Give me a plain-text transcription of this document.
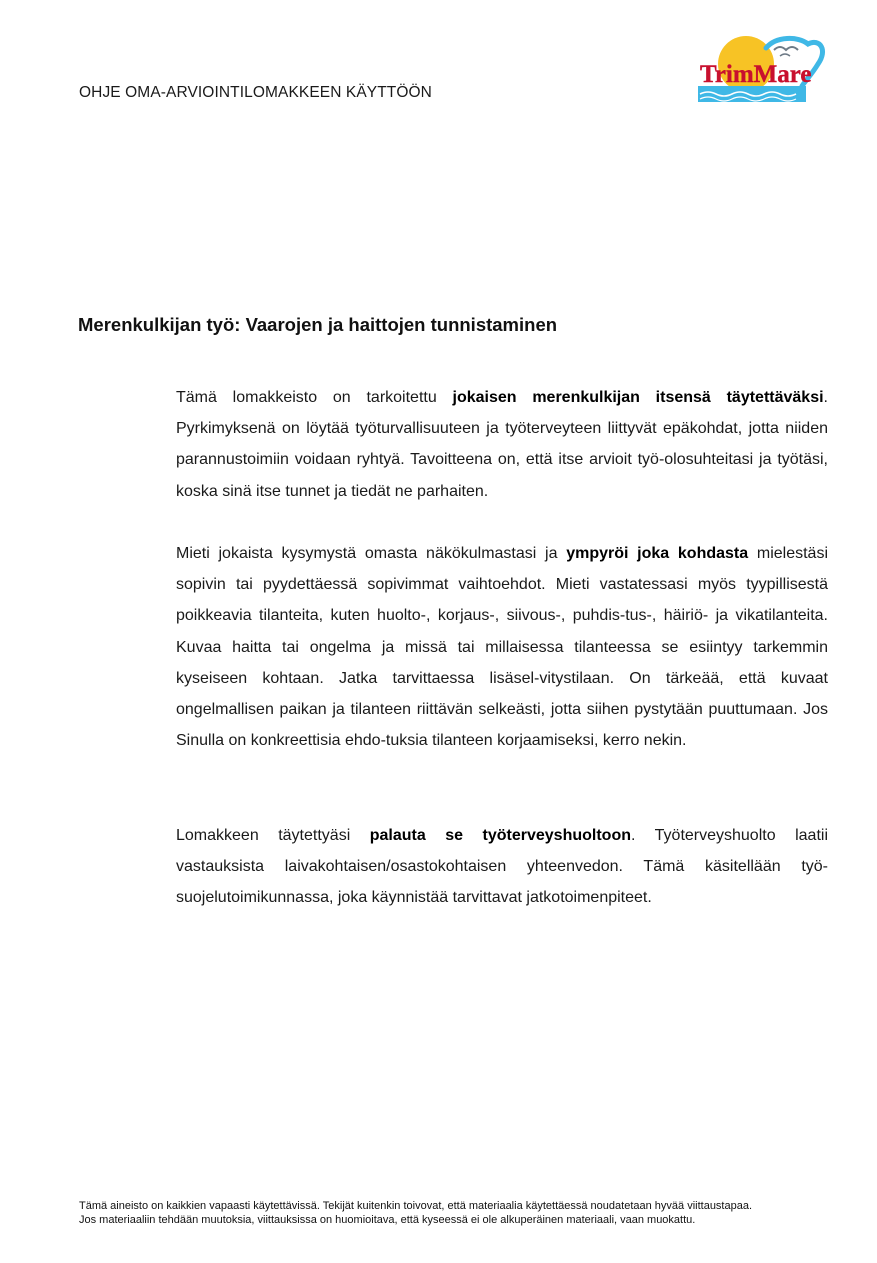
OHJE OMA-ARVIOINTILOMAKKEEN KÄYTTÖÖN
TrimMare
Merenkulkijan työ: Vaarojen ja haittojen tunnistaminen

Tämä lomakkeisto on tarkoitettu jokaisen merenkulkijan itsensä täytettäväksi. Pyrkimyksenä on löytää työturvallisuuteen ja työterveyteen liittyvät epäkohdat, jotta niiden parannustoimiin voidaan ryhtyä. Tavoitteena on, että itse arvioit työ-olosuhteitasi ja työtäsi, koska sinä itse tunnet ja tiedät ne parhaiten.

Mieti jokaista kysymystä omasta näkökulmastasi ja ympyröi joka kohdasta mielestäsi sopivin tai pyydettäessä sopivimmat vaihtoehdot. Mieti vastatessasi myös tyypillisestä poikkeavia tilanteita, kuten huolto-, korjaus-, siivous-, puhdis-tus-, häiriö- ja vikatilanteita. Kuvaa haitta tai ongelma ja missä tai millaisessa tilanteessa se esiintyy tarkemmin kyseiseen kohtaan. Jatka tarvittaessa lisäsel-vitystilaan. On tärkeää, että kuvaat ongelmallisen paikan ja tilanteen riittävän selkeästi, jotta siihen pystytään puuttumaan. Jos Sinulla on konkreettisia ehdo-tuksia tilanteen korjaamiseksi, kerro nekin.

Lomakkeen täytettyäsi palauta se työterveyshuoltoon. Työterveyshuolto laatii vastauksista laivakohtaisen/osastokohtaisen yhteenvedon. Tämä käsitellään työ-suojelutoimikunnassa, joka käynnistää tarvittavat jatkotoimenpiteet.

Tämä aineisto on kaikkien vapaasti käytettävissä. Tekijät kuitenkin toivovat, että materiaalia käytettäessä noudatetaan hyvää viittaustapaa.
Jos materiaaliin tehdään muutoksia, viittauksissa on huomioitava, että kyseessä ei ole alkuperäinen materiaali, vaan muokattu.
